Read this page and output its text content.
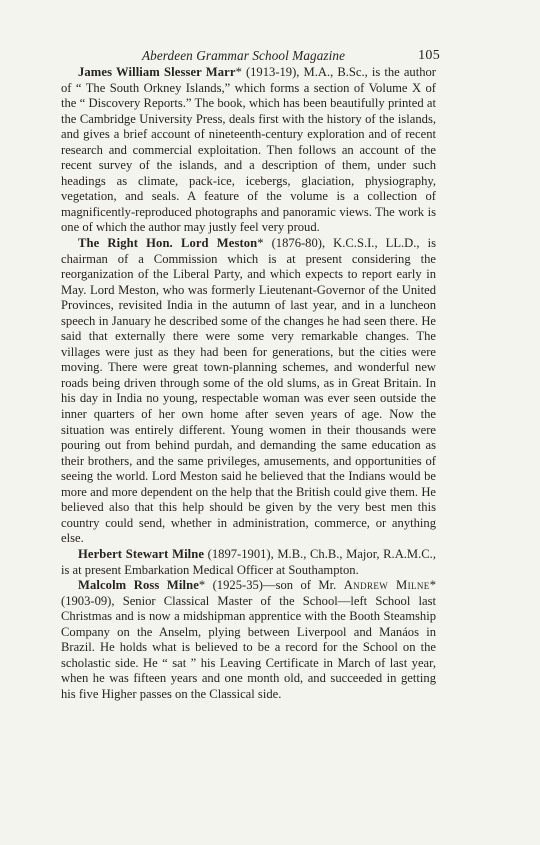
Aberdeen Grammar School Magazine	105

James William Slesser Marr* (1913-19), M.A., B.Sc., is the author of “ The South Orkney Islands,” which forms a section of Volume X of the “ Discovery Reports.” The book, which has been beautifully printed at the Cambridge University Press, deals first with the history of the islands, and gives a brief account of nineteenth-century exploration and of recent research and commercial exploitation. Then follows an account of the recent survey of the islands, and a description of them, under such headings as climate, pack-ice, icebergs, glaciation, physiography, vegetation, and seals. A feature of the volume is a collection of magnificently-reproduced photographs and panoramic views. The work is one of which the author may justly feel very proud.

The Right Hon. Lord Meston* (1876-80), K.C.S.I., LL.D., is chairman of a Commission which is at present considering the reorganization of the Liberal Party, and which expects to report early in May. Lord Meston, who was formerly Lieutenant-Governor of the United Provinces, revisited India in the autumn of last year, and in a luncheon speech in January he described some of the changes he had seen there. He said that externally there were some very remarkable changes. The villages were just as they had been for generations, but the cities were moving. There were great town-planning schemes, and wonderful new roads being driven through some of the old slums, as in Great Britain. In his day in India no young, respectable woman was ever seen outside the inner quarters of her own home after seven years of age. Now the situation was entirely different. Young women in their thousands were pouring out from behind purdah, and demanding the same education as their brothers, and the same privileges, amusements, and opportunities of seeing the world. Lord Meston said he believed that the Indians would be more and more dependent on the help that the British could give them. He believed also that this help should be given by the very best men this country could send, whether in administration, commerce, or anything else.

Herbert Stewart Milne (1897-1901), M.B., Ch.B., Major, R.A.M.C., is at present Embarkation Medical Officer at Southampton.

Malcolm Ross Milne* (1925-35)—son of Mr. Andrew Milne* (1903-09), Senior Classical Master of the School—left School last Christmas and is now a midshipman apprentice with the Booth Steamship Company on the Anselm, plying between Liverpool and Manáos in Brazil. He holds what is believed to be a record for the School on the scholastic side. He “ sat ” his Leaving Certificate in March of last year, when he was fifteen years and one month old, and succeeded in getting his five Higher passes on the Classical side.
